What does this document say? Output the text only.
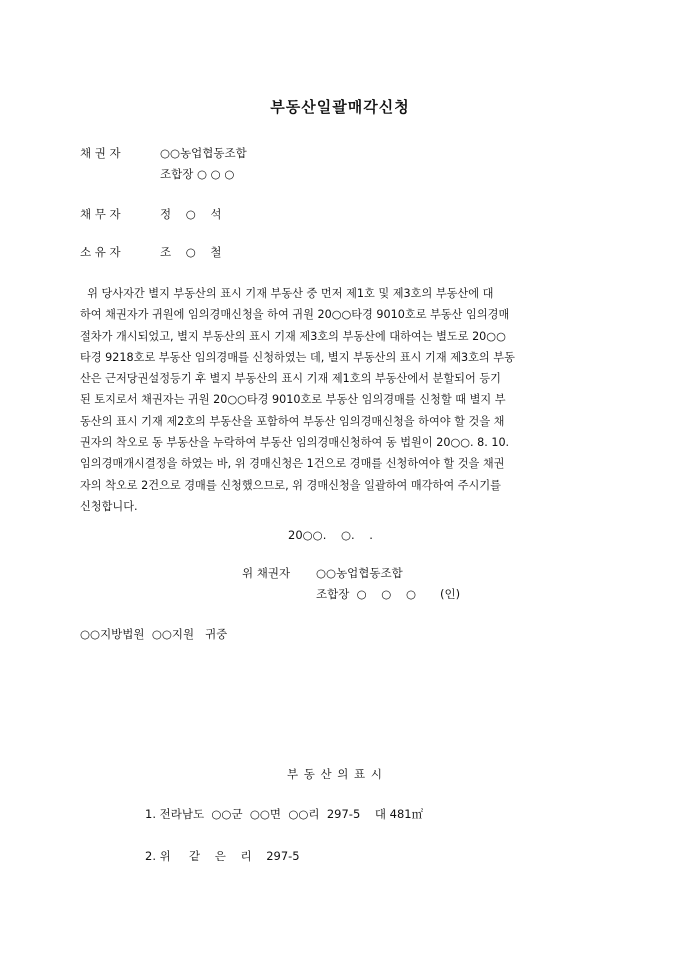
부동산일괄매각신청
채 권 자	○○농업협동조합
조합장 ○ ○ ○
채 무 자	정    ○    석
소 유 자	조    ○    철
위 당사자간 별지 부동산의 표시 기재 부동산 중 먼저 제1호 및 제3호의 부동산에 대
하여 채권자가 귀원에 임의경매신청을 하여 귀원 20○○타경 9010호로 부동산 임의경매
절차가 개시되었고, 별지 부동산의 표시 기재 제3호의 부동산에 대하여는 별도로 20○○
타경 9218호로 부동산 임의경매를 신청하였는 데, 별지 부동산의 표시 기재 제3호의 부동
산은 근저당권설정등기 후 별지 부동산의 표시 기재 제1호의 부동산에서 분할되어 등기
된 토지로서 채권자는 귀원 20○○타경 9010호로 부동산 임의경매를 신청할 때 별지 부
동산의 표시 기재 제2호의 부동산을 포함하여 부동산 임의경매신청을 하여야 할 것을 채
권자의 착오로 동 부동산을 누락하여 부동산 임의경매신청하여 동 법원이 20○○. 8. 10.
임의경매개시결정을 하였는 바, 위 경매신청은 1건으로 경매를 신청하여야 할 것을 채권
자의 착오로 2건으로 경매를 신청했으므로, 위 경매신청을 일괄하여 매각하여 주시기를
신청합니다.
20○○.    ○.    .
위 채권자 ○○농업협동조합
조합장  ○    ○    ○ (인)
○○지방법원  ○○지원   귀중
부 동 산 의 표 시
1. 전라남도  ○○군  ○○면  ○○리  297-5    대 481㎡
2. 위     같    은    리    297-5
